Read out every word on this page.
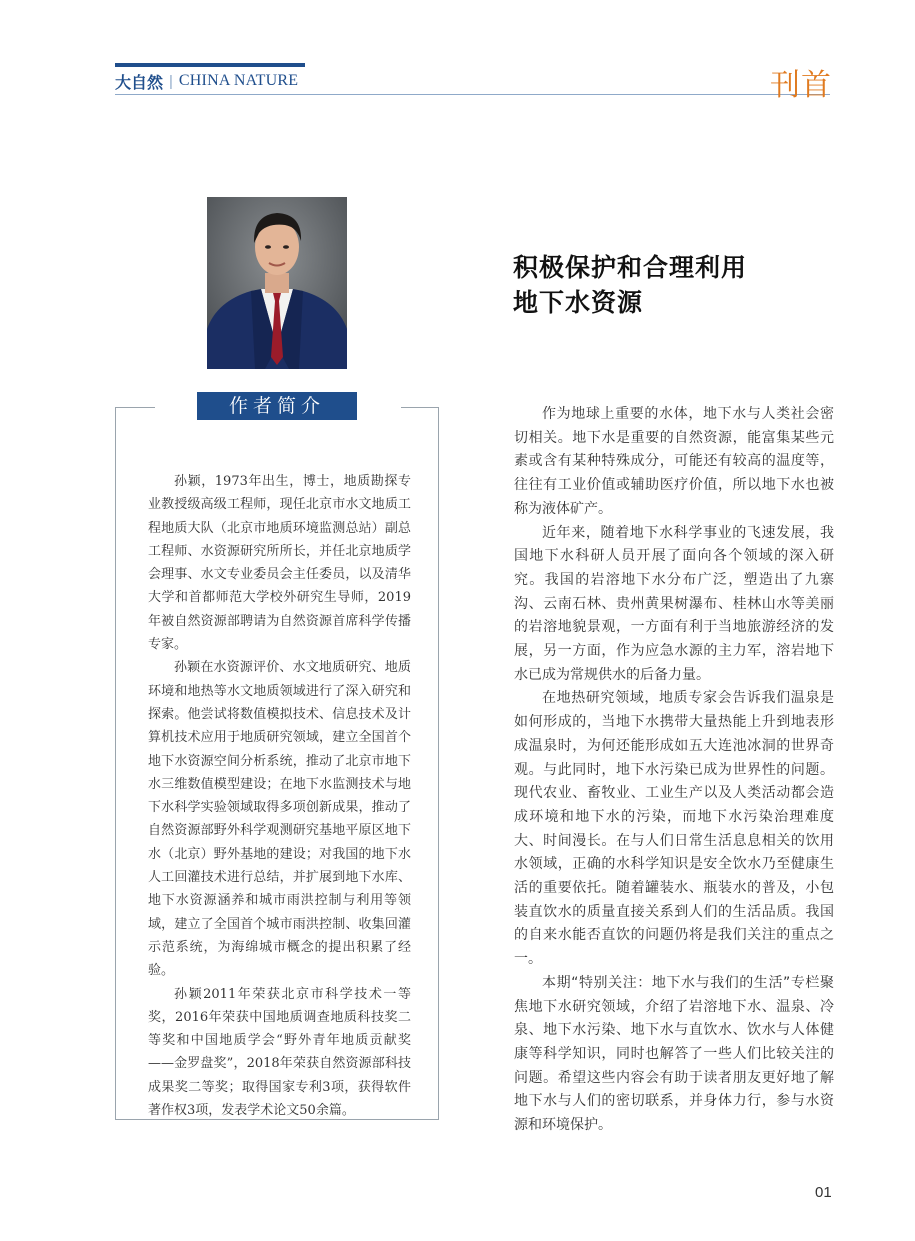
大自然 | CHINA NATURE	刊首
作者简介

孙颖，1973年出生，博士，地质勘探专业教授级高级工程师，现任北京市水文地质工程地质大队（北京市地质环境监测总站）副总工程师、水资源研究所所长，并任北京地质学会理事、水文专业委员会主任委员，以及清华大学和首都师范大学校外研究生导师，2019年被自然资源部聘请为自然资源首席科学传播专家。

孙颖在水资源评价、水文地质研究、地质环境和地热等水文地质领域进行了深入研究和探索。他尝试将数值模拟技术、信息技术及计算机技术应用于地质研究领域，建立全国首个地下水资源空间分析系统，推动了北京市地下水三维数值模型建设；在地下水监测技术与地下水科学实验领域取得多项创新成果，推动了自然资源部野外科学观测研究基地平原区地下水（北京）野外基地的建设；对我国的地下水人工回灌技术进行总结，并扩展到地下水库、地下水资源涵养和城市雨洪控制与利用等领域，建立了全国首个城市雨洪控制、收集回灌示范系统，为海绵城市概念的提出积累了经验。

孙颖2011年荣获北京市科学技术一等奖，2016年荣获中国地质调查地质科技奖二等奖和中国地质学会“野外青年地质贡献奖——金罗盘奖”，2018年荣获自然资源部科技成果奖二等奖；取得国家专利3项，获得软件著作权3项，发表学术论文50余篇。

积极保护和合理利用
地下水资源

作为地球上重要的水体，地下水与人类社会密切相关。地下水是重要的自然资源，能富集某些元素或含有某种特殊成分，可能还有较高的温度等，往往有工业价值或辅助医疗价值，所以地下水也被称为液体矿产。

近年来，随着地下水科学事业的飞速发展，我国地下水科研人员开展了面向各个领域的深入研究。我国的岩溶地下水分布广泛，塑造出了九寨沟、云南石林、贵州黄果树瀑布、桂林山水等美丽的岩溶地貌景观，一方面有利于当地旅游经济的发展，另一方面，作为应急水源的主力军，溶岩地下水已成为常规供水的后备力量。

在地热研究领域，地质专家会告诉我们温泉是如何形成的，当地下水携带大量热能上升到地表形成温泉时，为何还能形成如五大连池冰洞的世界奇观。与此同时，地下水污染已成为世界性的问题。现代农业、畜牧业、工业生产以及人类活动都会造成环境和地下水的污染，而地下水污染治理难度大、时间漫长。在与人们日常生活息息相关的饮用水领域，正确的水科学知识是安全饮水乃至健康生活的重要依托。随着罐装水、瓶装水的普及，小包装直饮水的质量直接关系到人们的生活品质。我国的自来水能否直饮的问题仍将是我们关注的重点之一。

本期“特别关注：地下水与我们的生活”专栏聚焦地下水研究领域，介绍了岩溶地下水、温泉、冷泉、地下水污染、地下水与直饮水、饮水与人体健康等科学知识，同时也解答了一些人们比较关注的问题。希望这些内容会有助于读者朋友更好地了解地下水与人们的密切联系，并身体力行，参与水资源和环境保护。

01
